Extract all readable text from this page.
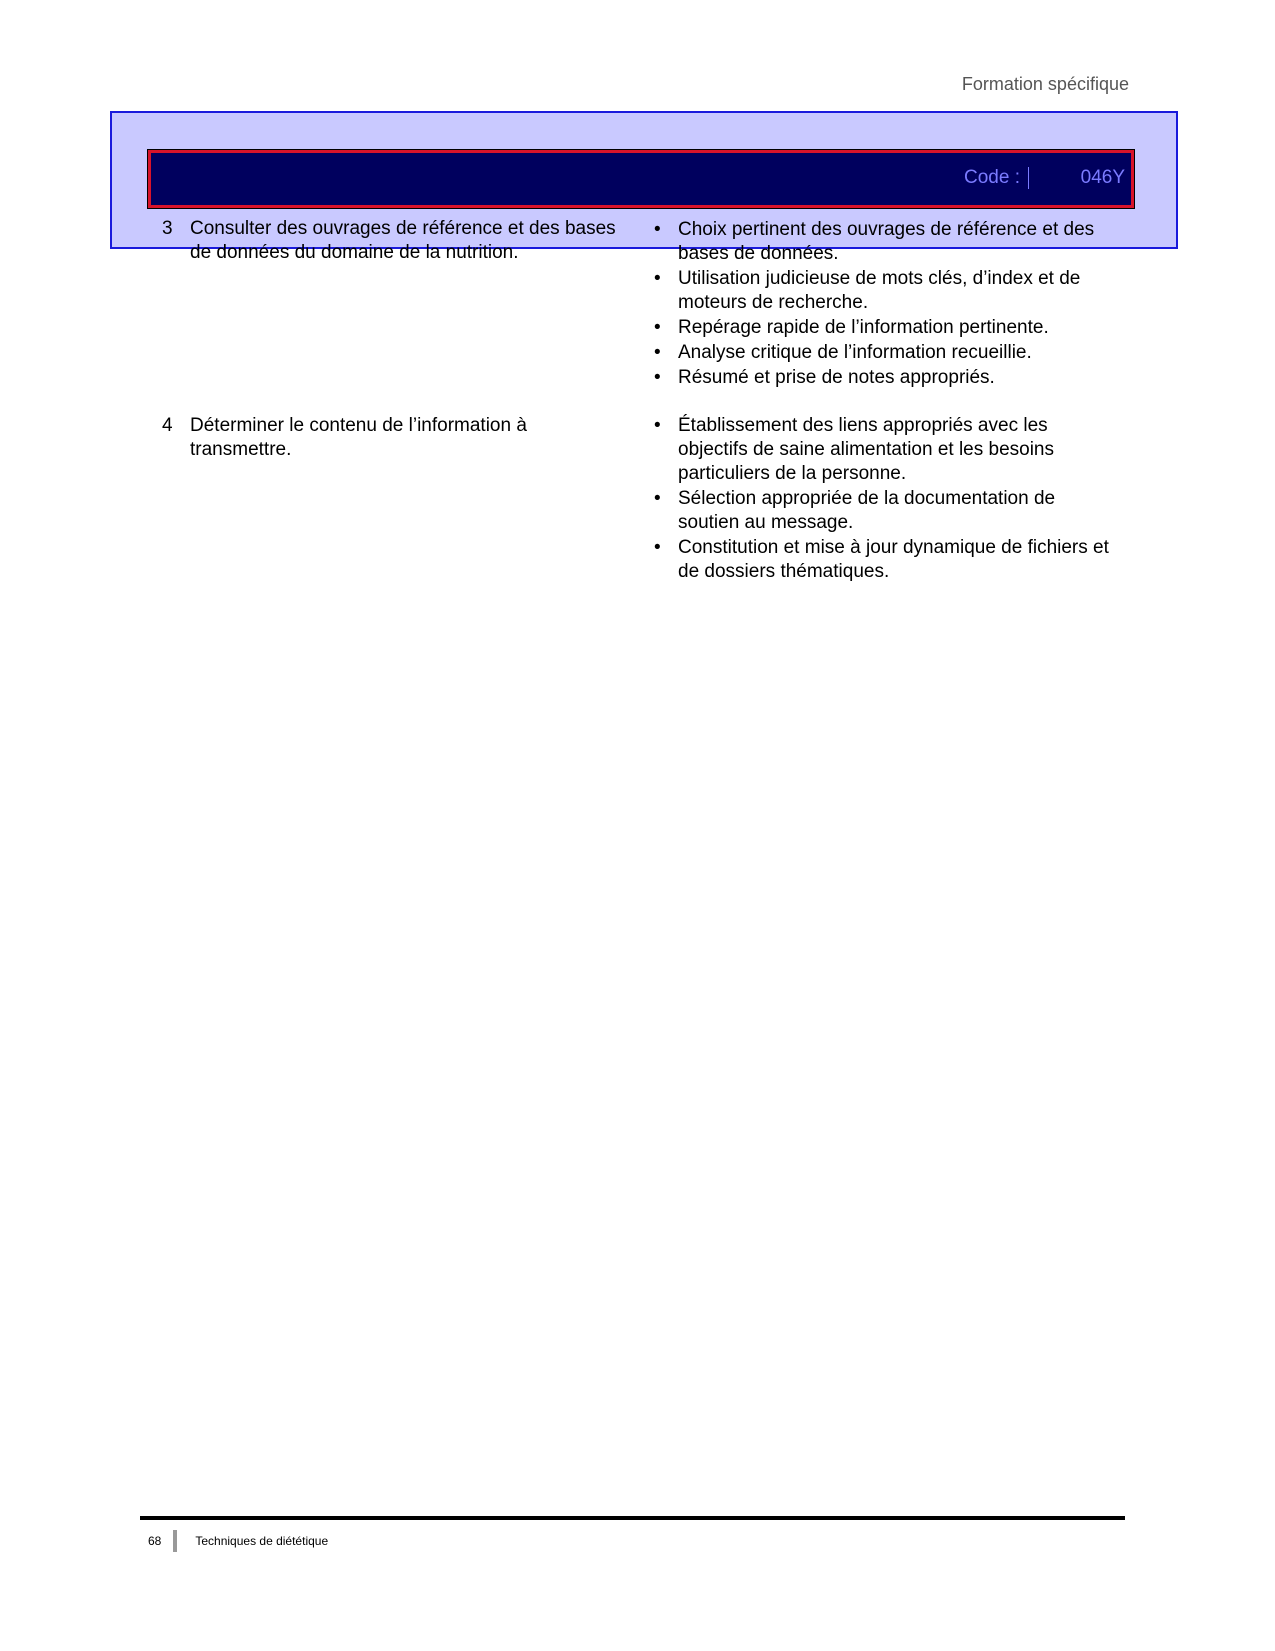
Formation spécifique
Code :	046Y
3 Consulter des ouvrages de référence et des bases de données du domaine de la nutrition.
• Choix pertinent des ouvrages de référence et des bases de données.
• Utilisation judicieuse de mots clés, d’index et de moteurs de recherche.
• Repérage rapide de l’information pertinente.
• Analyse critique de l’information recueillie.
• Résumé et prise de notes appropriés.
4 Déterminer le contenu de l’information à transmettre.
• Établissement des liens appropriés avec les objectifs de saine alimentation et les besoins particuliers de la personne.
• Sélection appropriée de la documentation de soutien au message.
• Constitution et mise à jour dynamique de fichiers et de dossiers thématiques.
68	Techniques de diététique
